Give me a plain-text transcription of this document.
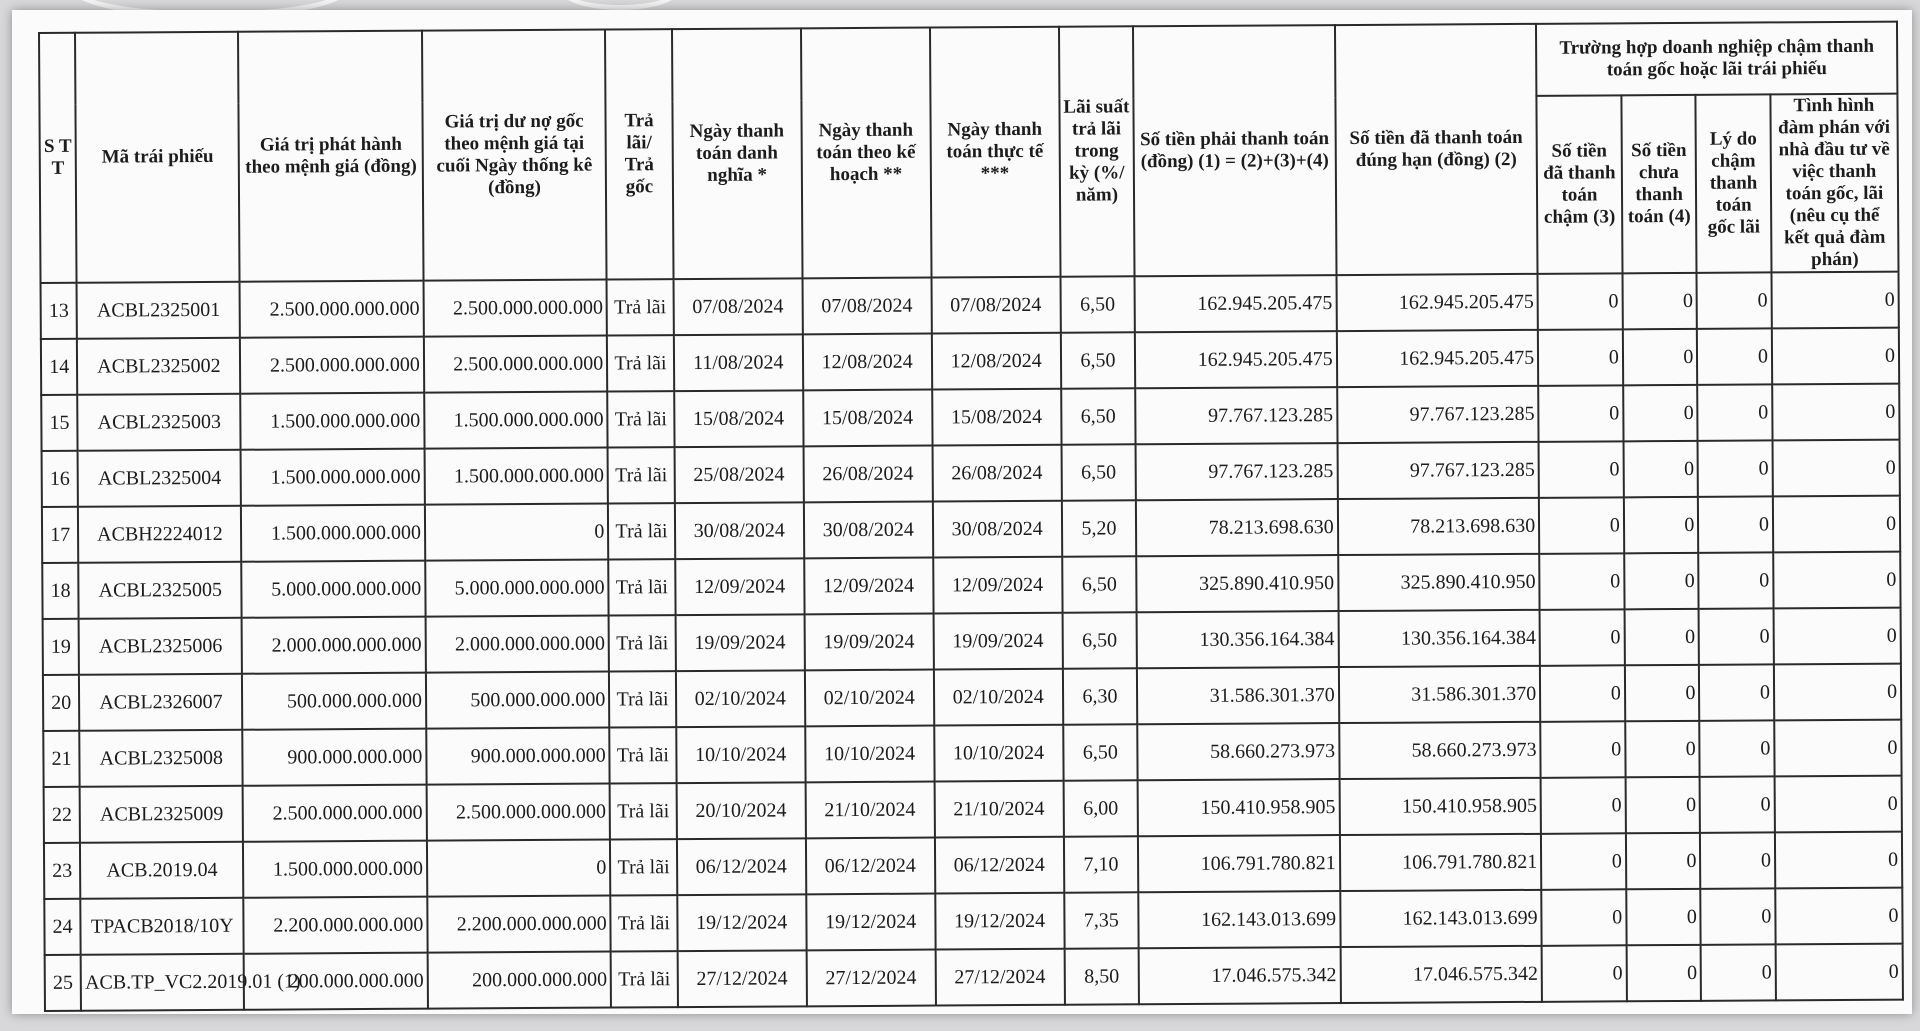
S T T	Mã trái phiếu	Giá trị phát hành theo mệnh giá (đồng)	Giá trị dư nợ gốc theo mệnh giá tại cuối Ngày thống kê (đồng)	Trả lãi/ Trả gốc	Ngày thanh toán danh nghĩa *	Ngày thanh toán theo kế hoạch **	Ngày thanh toán thực tế ***	Lãi suất trả lãi trong kỳ (%/ năm)	Số tiền phải thanh toán (đồng) (1) = (2)+(3)+(4)	Số tiền đã thanh toán đúng hạn (đồng) (2)	Trường hợp doanh nghiệp chậm thanh toán gốc hoặc lãi trái phiếu			
											Số tiền đã thanh toán chậm (3)	Số tiền chưa thanh toán (4)	Lý do chậm thanh toán gốc lãi	Tình hình đàm phán với nhà đầu tư về việc thanh toán gốc, lãi (nêu cụ thể kết quả đàm phán)
13	ACBL2325001	2.500.000.000.000	2.500.000.000.000	Trả lãi	07/08/2024	07/08/2024	07/08/2024	6,50	162.945.205.475	162.945.205.475	0	0	0	0
14	ACBL2325002	2.500.000.000.000	2.500.000.000.000	Trả lãi	11/08/2024	12/08/2024	12/08/2024	6,50	162.945.205.475	162.945.205.475	0	0	0	0
15	ACBL2325003	1.500.000.000.000	1.500.000.000.000	Trả lãi	15/08/2024	15/08/2024	15/08/2024	6,50	97.767.123.285	97.767.123.285	0	0	0	0
16	ACBL2325004	1.500.000.000.000	1.500.000.000.000	Trả lãi	25/08/2024	26/08/2024	26/08/2024	6,50	97.767.123.285	97.767.123.285	0	0	0	0
17	ACBH2224012	1.500.000.000.000	0	Trả lãi	30/08/2024	30/08/2024	30/08/2024	5,20	78.213.698.630	78.213.698.630	0	0	0	0
18	ACBL2325005	5.000.000.000.000	5.000.000.000.000	Trả lãi	12/09/2024	12/09/2024	12/09/2024	6,50	325.890.410.950	325.890.410.950	0	0	0	0
19	ACBL2325006	2.000.000.000.000	2.000.000.000.000	Trả lãi	19/09/2024	19/09/2024	19/09/2024	6,50	130.356.164.384	130.356.164.384	0	0	0	0
20	ACBL2326007	500.000.000.000	500.000.000.000	Trả lãi	02/10/2024	02/10/2024	02/10/2024	6,30	31.586.301.370	31.586.301.370	0	0	0	0
21	ACBL2325008	900.000.000.000	900.000.000.000	Trả lãi	10/10/2024	10/10/2024	10/10/2024	6,50	58.660.273.973	58.660.273.973	0	0	0	0
22	ACBL2325009	2.500.000.000.000	2.500.000.000.000	Trả lãi	20/10/2024	21/10/2024	21/10/2024	6,00	150.410.958.905	150.410.958.905	0	0	0	0
23	ACB.2019.04	1.500.000.000.000	0	Trả lãi	06/12/2024	06/12/2024	06/12/2024	7,10	106.791.780.821	106.791.780.821	0	0	0	0
24	TPACB2018/10Y	2.200.000.000.000	2.200.000.000.000	Trả lãi	19/12/2024	19/12/2024	19/12/2024	7,35	162.143.013.699	162.143.013.699	0	0	0	0
25	ACB.TP_VC2.2019.01 (1)	200.000.000.000	200.000.000.000	Trả lãi	27/12/2024	27/12/2024	27/12/2024	8,50	17.046.575.342	17.046.575.342	0	0	0	0
